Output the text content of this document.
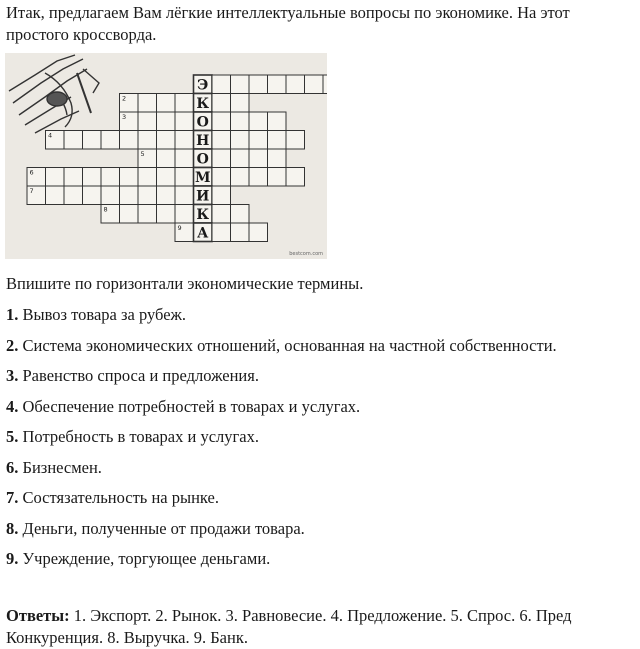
Итак, предлагаем Вам лёгкие интеллектуальные вопросы по экономике. На этот
простого кроссворда.
Э
К
О
Н
О
М
И
К
А
2
3
4
5
6
7
8
9
bestcom.com
Впишите по горизонтали экономические термины.
1. Вывоз товара за рубеж.
2. Система экономических отношений, основанная на частной собственности.
3. Равенство спроса и предложения.
4. Обеспечение потребностей в товарах и услугах.
5. Потребность в товарах и услугах.
6. Бизнесмен.
7. Состязательность на рынке.
8. Деньги, полученные от продажи товара.
9. Учреждение, торгующее деньгами.
Ответы: 1. Экспорт. 2. Рынок. 3. Равновесие. 4. Предложение. 5. Спрос. 6. Пред
Конкуренция. 8. Выручка. 9. Банк.
